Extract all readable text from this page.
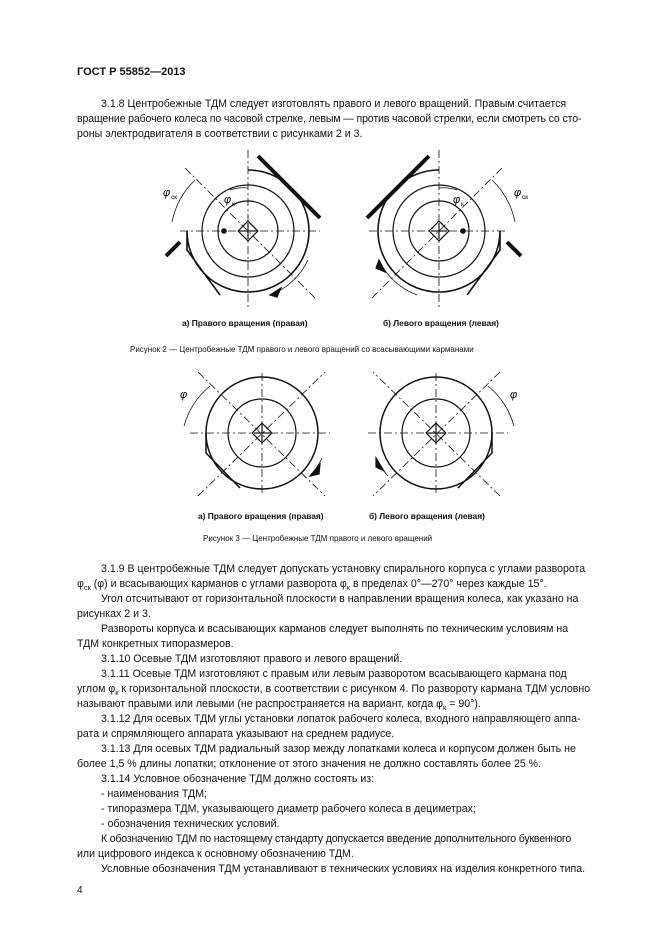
ГОСТ Р 55852—2013
3.1.8 Центробежные ТДМ следует изготовлять правого и левого вращений. Правым считается
вращение рабочего колеса по часовой стрелке, левым — против часовой стрелки, если смотреть со сто-
роны электродвигателя в соответствии с рисунками 2 и 3.
φ ск	φ к
φ ск
φ к
а) Правого вращения (правая)	б) Левого вращения (левая)
Рисунок 2 — Центробежные ТДМ правого и левого вращений со всасывающими карманами
φ	φ
а) Правого вращения (правая)	б) Левого вращения (левая)
Рисунок 3 — Центробежные ТДМ правого и левого вращений
3.1.9 В центробежные ТДМ следует допускать установку спирального корпуса с углами разворота
$\varphi_{ск}$ (φ) и всасывающих карманов с углами разворота $\varphi_к$ в пределах 0°—270° через каждые 15°.
Угол отсчитывают от горизонтальной плоскости в направлении вращения колеса, как указано на
рисунках 2 и 3.
Развороты корпуса и всасывающих карманов следует выполнять по техническим условиям на
ТДМ конкретных типоразмеров.
3.1.10 Осевые ТДМ изготовляют правого и левого вращений.
3.1.11 Осевые ТДМ изготовляют с правым или левым разворотом всасывающего кармана под
углом $\varphi_к$ к горизонтальной плоскости, в соответствии с рисунком 4. По развороту кармана ТДМ условно
называют правыми или левыми (не распространяется на вариант, когда $\varphi_к = 90^\circ$).
3.1.12 Для осевых ТДМ углы установки лопаток рабочего колеса, входного направляющего аппа-
рата и спрямляющего аппарата указывают на среднем радиусе.
3.1.13 Для осевых ТДМ радиальный зазор между лопатками колеса и корпусом должен быть не
более 1,5 % длины лопатки; отклонение от этого значения не должно составлять более 25 %.
3.1.14 Условное обозначение ТДМ должно состоять из:
- наименования ТДМ;
- типоразмера ТДМ, указывающего диаметр рабочего колеса в дециметрах;
- обозначения технических условий.
К обозначению ТДМ по настоящему стандарту допускается введение дополнительного буквенного
или цифрового индекса к основному обозначению ТДМ.
Условные обозначения ТДМ устанавливают в технических условиях на изделия конкретного типа.
4
